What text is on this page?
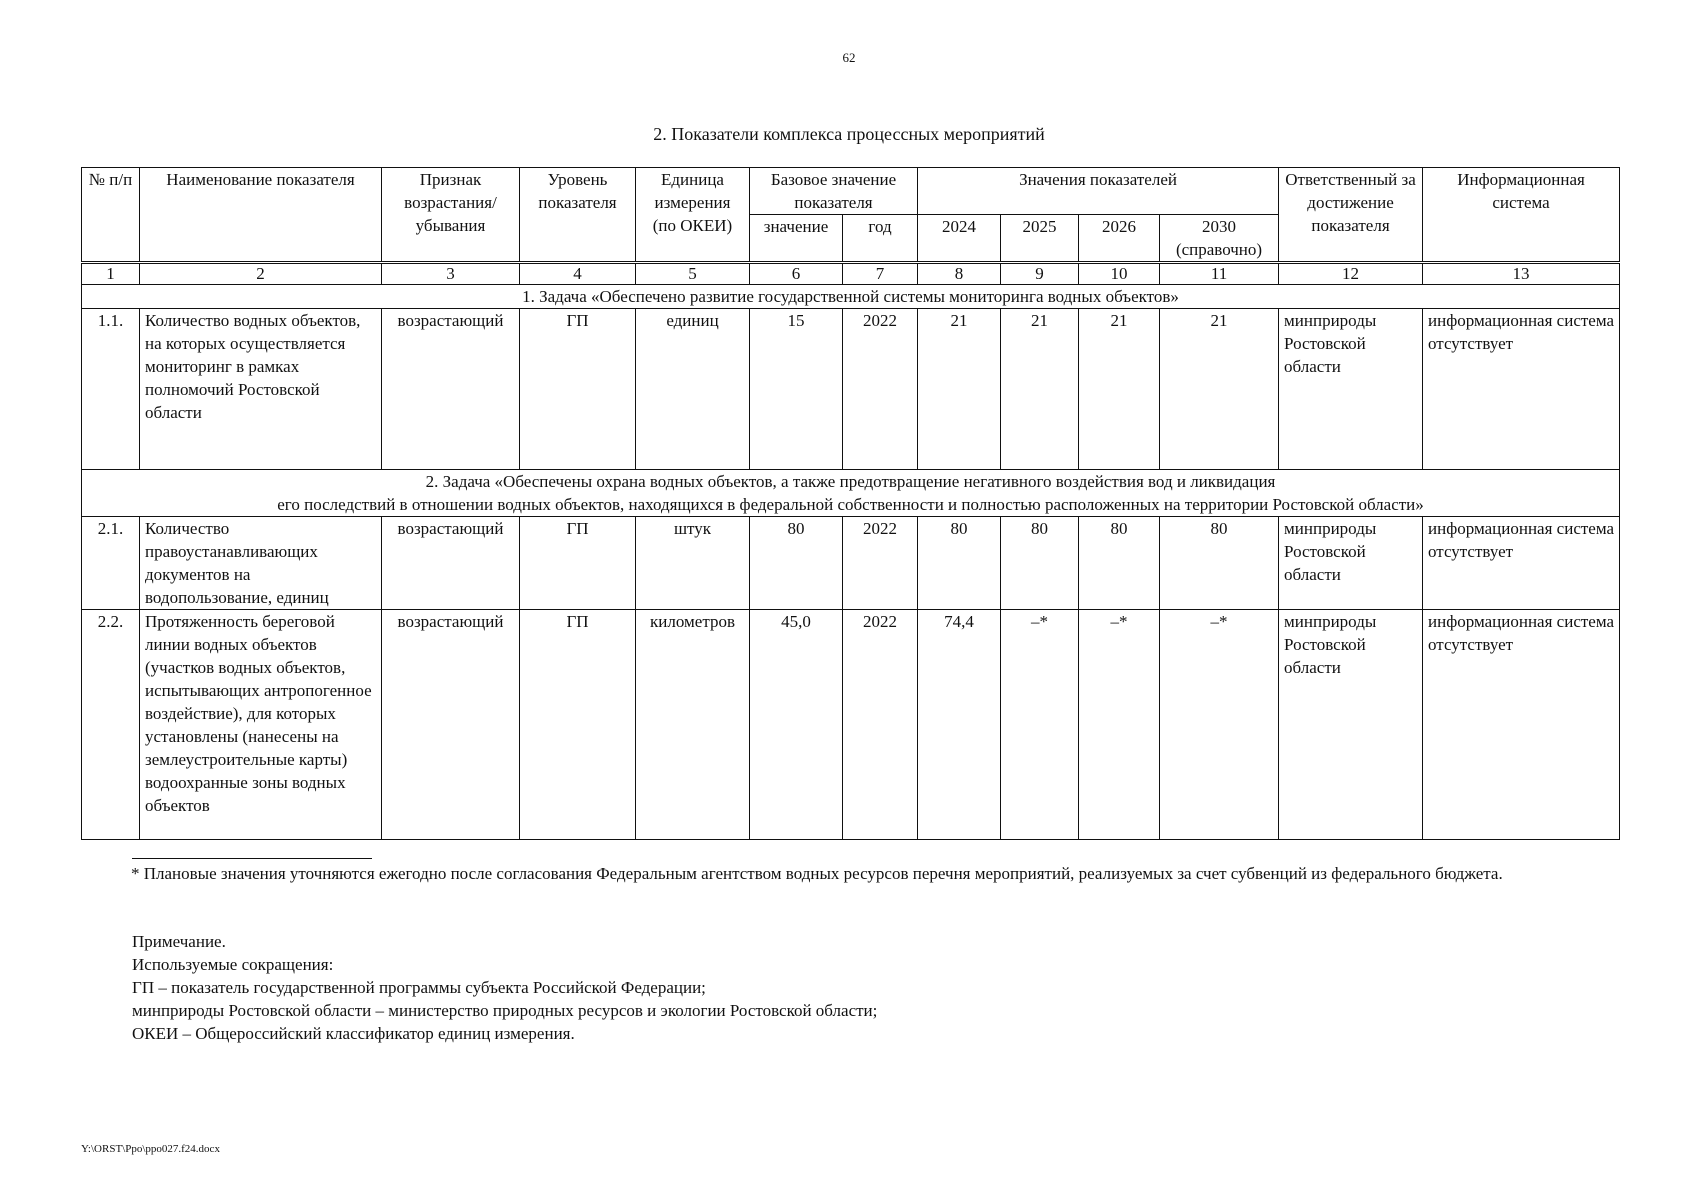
62
2. Показатели комплекса процессных мероприятий
№ п/п	Наименование показателя	Признак возрастания/ убывания	Уровень показателя	Единица измерения (по ОКЕИ)	Базовое значение показателя		Значения показателей				Ответственный за достижение показателя	Информационная система
					значение	год	2024	2025	2026	2030 (справочно)		
1	2	3	4	5	6	7	8	9	10	11	12	13
1. Задача «Обеспечено развитие государственной системы мониторинга водных объектов»												
1.1.	Количество водных объектов, на которых осуществляется мониторинг в рамках полномочий Ростовской области	возрастающий	ГП	единиц	15	2022	21	21	21	21	минприроды Ростовской области	информационная система отсутствует

2. Задача «Обеспечены охрана водных объектов, а также предотвращение негативного воздействия вод и ликвидация
его последствий в отношении водных объектов, находящихся в федеральной собственности и полностью расположенных на территории Ростовской области»												

2.1.	Количество правоустанавливающих документов на водопользование, единиц	возрастающий	ГП	штук	80	2022	80	80	80	80	минприроды Ростовской области	информационная система отсутствует
2.2.	Протяженность береговой линии водных объектов (участков водных объектов, испытывающих антропогенное воздействие), для которых установлены (нанесены на землеустроительные карты) водоохранные зоны водных объектов	возрастающий	ГП	километров	45,0	2022	74,4	–*	–*	–*	минприроды Ростовской области	информационная система отсутствует
* Плановые значения уточняются ежегодно после согласования Федеральным агентством водных ресурсов перечня мероприятий, реализуемых за счет субвенций из федерального бюджета.
Примечание.
Используемые сокращения:
ГП – показатель государственной программы субъекта Российской Федерации;
минприроды Ростовской области – министерство природных ресурсов и экологии Ростовской области;
ОКЕИ – Общероссийский классификатор единиц измерения.
Y:\ORST\Ppo\ppo027.f24.docx
